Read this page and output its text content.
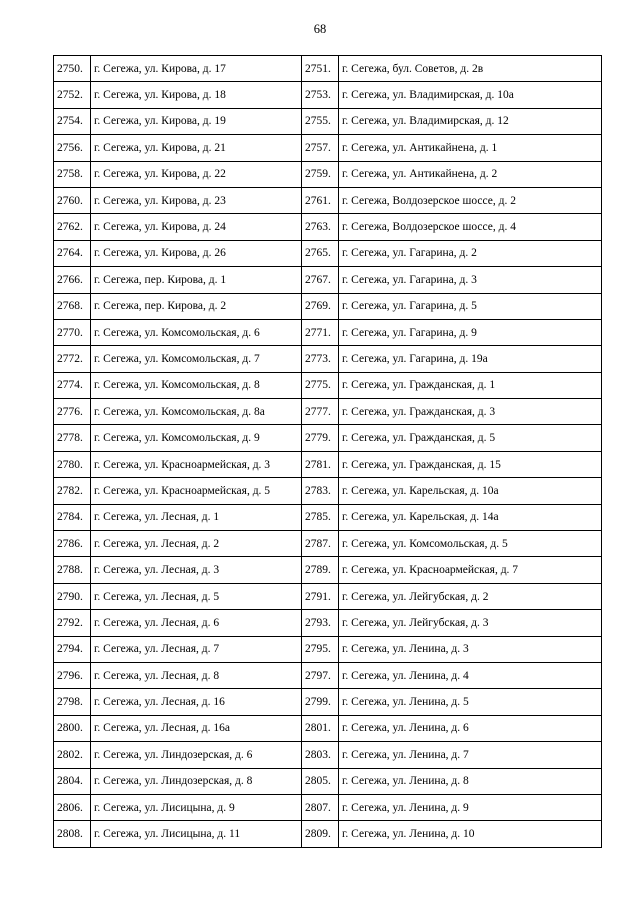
68
2750.	г. Сегежа, ул. Кирова, д. 17	2751.	г. Сегежа, бул. Советов, д. 2в
2752.	г. Сегежа, ул. Кирова, д. 18	2753.	г. Сегежа, ул. Владимирская, д. 10а
2754.	г. Сегежа, ул. Кирова, д. 19	2755.	г. Сегежа, ул. Владимирская, д. 12
2756.	г. Сегежа, ул. Кирова, д. 21	2757.	г. Сегежа, ул. Антикайнена, д. 1
2758.	г. Сегежа, ул. Кирова, д. 22	2759.	г. Сегежа, ул. Антикайнена, д. 2
2760.	г. Сегежа, ул. Кирова, д. 23	2761.	г. Сегежа, Волдозерское шоссе, д. 2
2762.	г. Сегежа, ул. Кирова, д. 24	2763.	г. Сегежа, Волдозерское шоссе, д. 4
2764.	г. Сегежа, ул. Кирова, д. 26	2765.	г. Сегежа, ул. Гагарина, д. 2
2766.	г. Сегежа, пер. Кирова, д. 1	2767.	г. Сегежа, ул. Гагарина, д. 3
2768.	г. Сегежа, пер. Кирова, д. 2	2769.	г. Сегежа, ул. Гагарина, д. 5
2770.	г. Сегежа, ул. Комсомольская, д. 6	2771.	г. Сегежа, ул. Гагарина, д. 9
2772.	г. Сегежа, ул. Комсомольская, д. 7	2773.	г. Сегежа, ул. Гагарина, д. 19а
2774.	г. Сегежа, ул. Комсомольская, д. 8	2775.	г. Сегежа, ул. Гражданская, д. 1
2776.	г. Сегежа, ул. Комсомольская, д. 8а	2777.	г. Сегежа, ул. Гражданская, д. 3
2778.	г. Сегежа, ул. Комсомольская, д. 9	2779.	г. Сегежа, ул. Гражданская, д. 5
2780.	г. Сегежа, ул. Красноармейская, д. 3	2781.	г. Сегежа, ул. Гражданская, д. 15
2782.	г. Сегежа, ул. Красноармейская, д. 5	2783.	г. Сегежа, ул. Карельская, д. 10а
2784.	г. Сегежа, ул. Лесная, д. 1	2785.	г. Сегежа, ул. Карельская, д. 14а
2786.	г. Сегежа, ул. Лесная, д. 2	2787.	г. Сегежа, ул. Комсомольская, д. 5
2788.	г. Сегежа, ул. Лесная, д. 3	2789.	г. Сегежа, ул. Красноармейская, д. 7
2790.	г. Сегежа, ул. Лесная, д. 5	2791.	г. Сегежа, ул. Лейгубская, д. 2
2792.	г. Сегежа, ул. Лесная, д. 6	2793.	г. Сегежа, ул. Лейгубская, д. 3
2794.	г. Сегежа, ул. Лесная, д. 7	2795.	г. Сегежа, ул. Ленина, д. 3
2796.	г. Сегежа, ул. Лесная, д. 8	2797.	г. Сегежа, ул. Ленина, д. 4
2798.	г. Сегежа, ул. Лесная, д. 16	2799.	г. Сегежа, ул. Ленина, д. 5
2800.	г. Сегежа, ул. Лесная, д. 16а	2801.	г. Сегежа, ул. Ленина, д. 6
2802.	г. Сегежа, ул. Линдозерская, д. 6	2803.	г. Сегежа, ул. Ленина, д. 7
2804.	г. Сегежа, ул. Линдозерская, д. 8	2805.	г. Сегежа, ул. Ленина, д. 8
2806.	г. Сегежа, ул. Лисицына, д. 9	2807.	г. Сегежа, ул. Ленина, д. 9
2808.	г. Сегежа, ул. Лисицына, д. 11	2809.	г. Сегежа, ул. Ленина, д. 10
